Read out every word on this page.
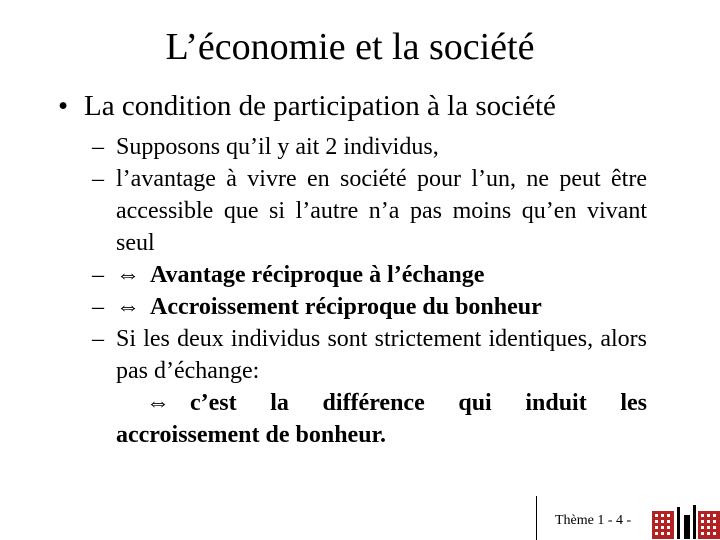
L’économie et la société
• La condition de participation à la société
– Supposons qu’il y ait 2 individus,
– l’avantage à vivre en société pour l’un, ne peut être accessible que si l’autre n’a pas moins qu’en vivant seul
– ⇔ Avantage réciproque à l’échange
– ⇔ Accroissement réciproque du bonheur
– Si les deux individus sont strictement identiques, alors pas d’échange:
⇔ c’est la différence qui induit les
accroissement de bonheur.
Thème 1 - 4 -
